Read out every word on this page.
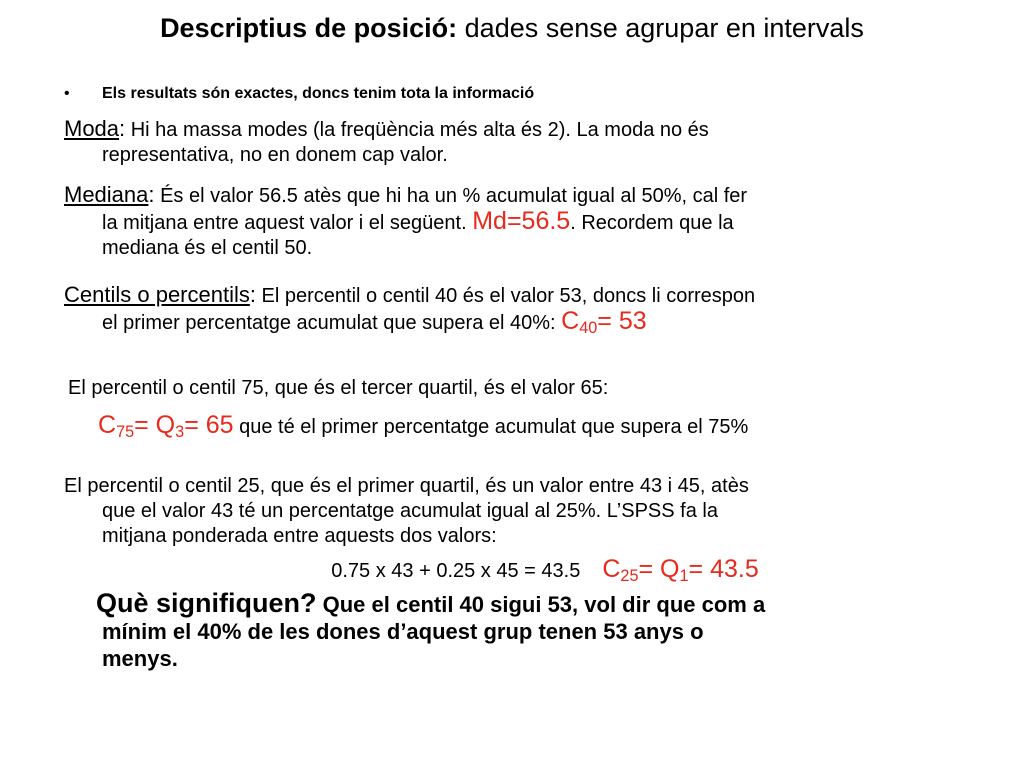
Descriptius de posició: dades sense agrupar en intervals
• Els resultats són exactes, doncs tenim tota la informació
Moda: Hi ha massa modes (la freqüència més alta és 2). La moda no és
representativa, no en donem cap valor.
Mediana: És el valor 56.5 atès que hi ha un % acumulat igual al 50%, cal fer
la mitjana entre aquest valor i el següent. Md=56.5. Recordem que la
mediana és el centil 50.
Centils o percentils: El percentil o centil 40 és el valor 53, doncs li correspon
el primer percentatge acumulat que supera el 40%: $C_{40}= 53$
El percentil o centil 75, que és el tercer quartil, és el valor 65:
$C_{75}= Q_3= 65$ que té el primer percentatge acumulat que supera el 75%
El percentil o centil 25, que és el primer quartil, és un valor entre 43 i 45, atès
que el valor 43 té un percentatge acumulat igual al 25%. L’SPSS fa la
mitjana ponderada entre aquests dos valors:
0.75 x 43 + 0.25 x 45 = 43.5 $C_{25}= Q_1= 43.5$
Què signifiquen? Que el centil 40 sigui 53, vol dir que com a
mínim el 40% de les dones d’aquest grup tenen 53 anys o
menys.
